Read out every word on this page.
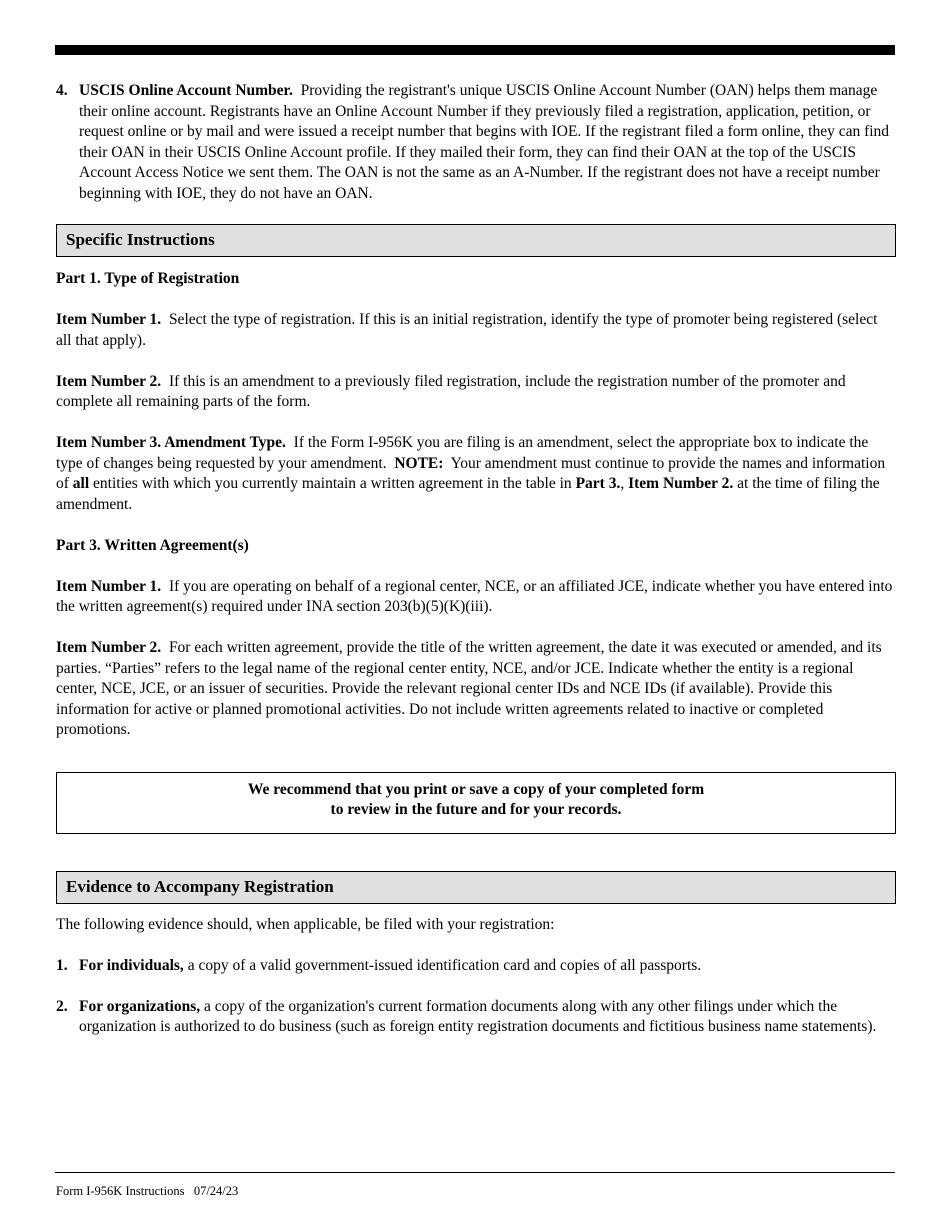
4. USCIS Online Account Number. Providing the registrant's unique USCIS Online Account Number (OAN) helps them manage their online account. Registrants have an Online Account Number if they previously filed a registration, application, petition, or request online or by mail and were issued a receipt number that begins with IOE. If the registrant filed a form online, they can find their OAN in their USCIS Online Account profile. If they mailed their form, they can find their OAN at the top of the USCIS Account Access Notice we sent them. The OAN is not the same as an A-Number. If the registrant does not have a receipt number beginning with IOE, they do not have an OAN.

Specific Instructions

Part 1. Type of Registration

Item Number 1. Select the type of registration. If this is an initial registration, identify the type of promoter being registered (select all that apply).

Item Number 2. If this is an amendment to a previously filed registration, include the registration number of the promoter and complete all remaining parts of the form.

Item Number 3. Amendment Type. If the Form I-956K you are filing is an amendment, select the appropriate box to indicate the type of changes being requested by your amendment. NOTE: Your amendment must continue to provide the names and information of all entities with which you currently maintain a written agreement in the table in Part 3., Item Number 2. at the time of filing the amendment.

Part 3. Written Agreement(s)

Item Number 1. If you are operating on behalf of a regional center, NCE, or an affiliated JCE, indicate whether you have entered into the written agreement(s) required under INA section 203(b)(5)(K)(iii).

Item Number 2. For each written agreement, provide the title of the written agreement, the date it was executed or amended, and its parties. “Parties” refers to the legal name of the regional center entity, NCE, and/or JCE. Indicate whether the entity is a regional center, NCE, JCE, or an issuer of securities. Provide the relevant regional center IDs and NCE IDs (if available). Provide this information for active or planned promotional activities. Do not include written agreements related to inactive or completed promotions.

We recommend that you print or save a copy of your completed form
to review in the future and for your records.
Evidence to Accompany Registration

The following evidence should, when applicable, be filed with your registration:

1. For individuals, a copy of a valid government-issued identification card and copies of all passports.

2. For organizations, a copy of the organization's current formation documents along with any other filings under which the organization is authorized to do business (such as foreign entity registration documents and fictitious business name statements).

Form I-956K Instructions   07/24/23
